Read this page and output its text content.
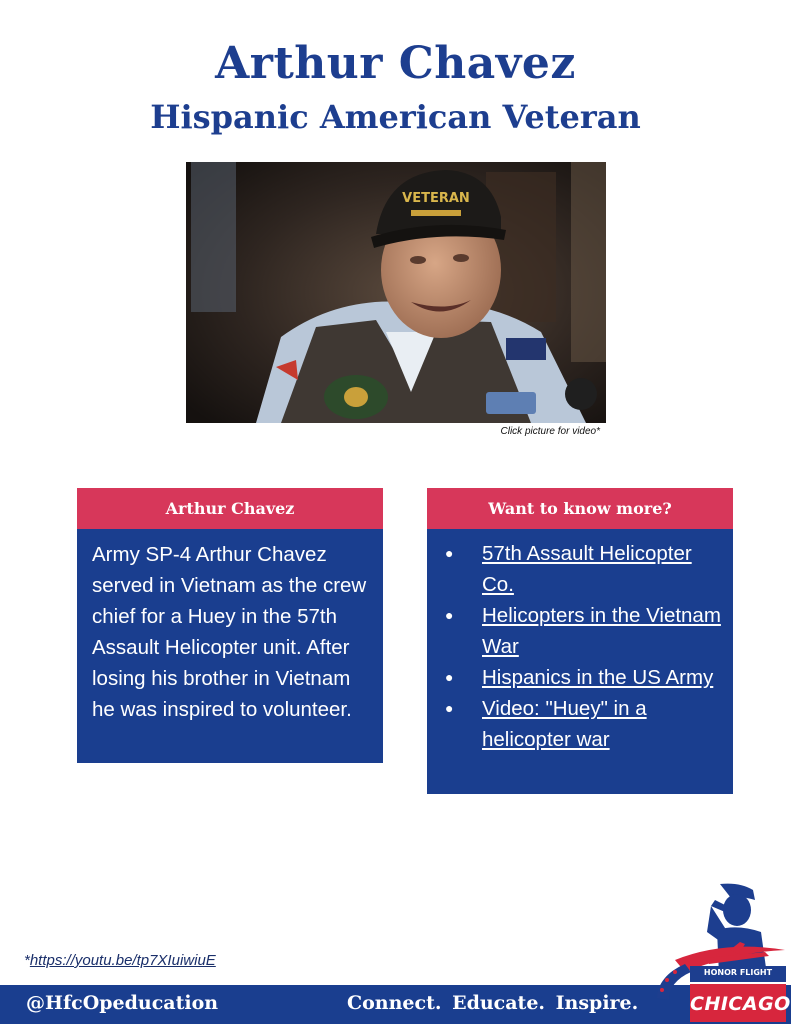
Arthur Chavez
Hispanic American Veteran
VETERAN
Click picture for video*
Arthur Chavez
Army SP-4 Arthur Chavez served in Vietnam as the crew chief for a Huey in the 57th Assault Helicopter unit. After losing his brother in Vietnam he was inspired to volunteer.
Want to know more?
● 57th Assault Helicopter Co.
● Helicopters in the Vietnam War
● Hispanics in the US Army
● Video: "Huey" in a helicopter war
*https://youtu.be/tp7XIuiwiuE
@HfcOpeducation	Connect. Educate. Inspire.
HONOR FLIGHT
CHICAGO
